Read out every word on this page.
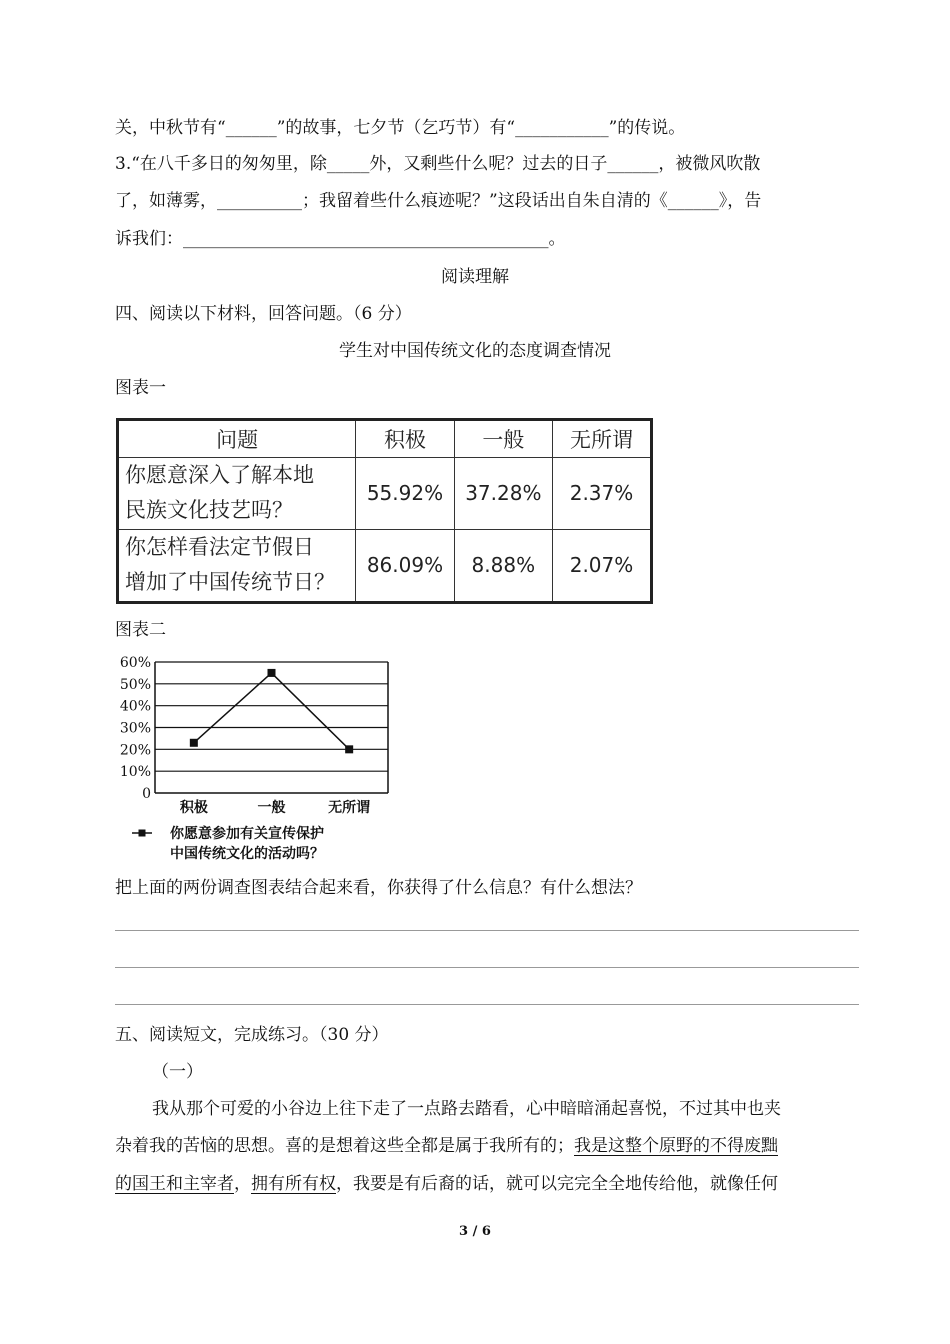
关，中秋节有“______”的故事，七夕节（乞巧节）有“___________”的传说。
3.“在八千多日的匆匆里，除_____外，又剩些什么呢？过去的日子______，被微风吹散
了，如薄雾，__________；我留着些什么痕迹呢？”这段话出自朱自清的《______》，告
诉我们：___________________________________________。
阅读理解
四、阅读以下材料，回答问题。（6 分）
学生对中国传统文化的态度调查情况
图表一
问题	积极	一般	无所谓

你愿意深入了解本地
民族文化技艺吗？	55.92%	37.28%	2.37%

你怎样看法定节假日
增加了中国传统节日？	86.09%	8.88%	2.07%
图表二
0
10%
20%
30%
40%
50%
60%
积极	一般	无所谓
你愿意参加有关宣传保护
中国传统文化的活动吗？
把上面的两份调查图表结合起来看，你获得了什么信息？有什么想法？
五、阅读短文，完成练习。（30 分）
（一）
我从那个可爱的小谷边上往下走了一点路去踏看，心中暗暗涌起喜悦，不过其中也夹
杂着我的苦恼的思想。喜的是想着这些全都是属于我所有的；我是这整个原野的不得废黜
的国王和主宰者，拥有所有权，我要是有后裔的话，就可以完完全全地传给他，就像任何
3 / 6
